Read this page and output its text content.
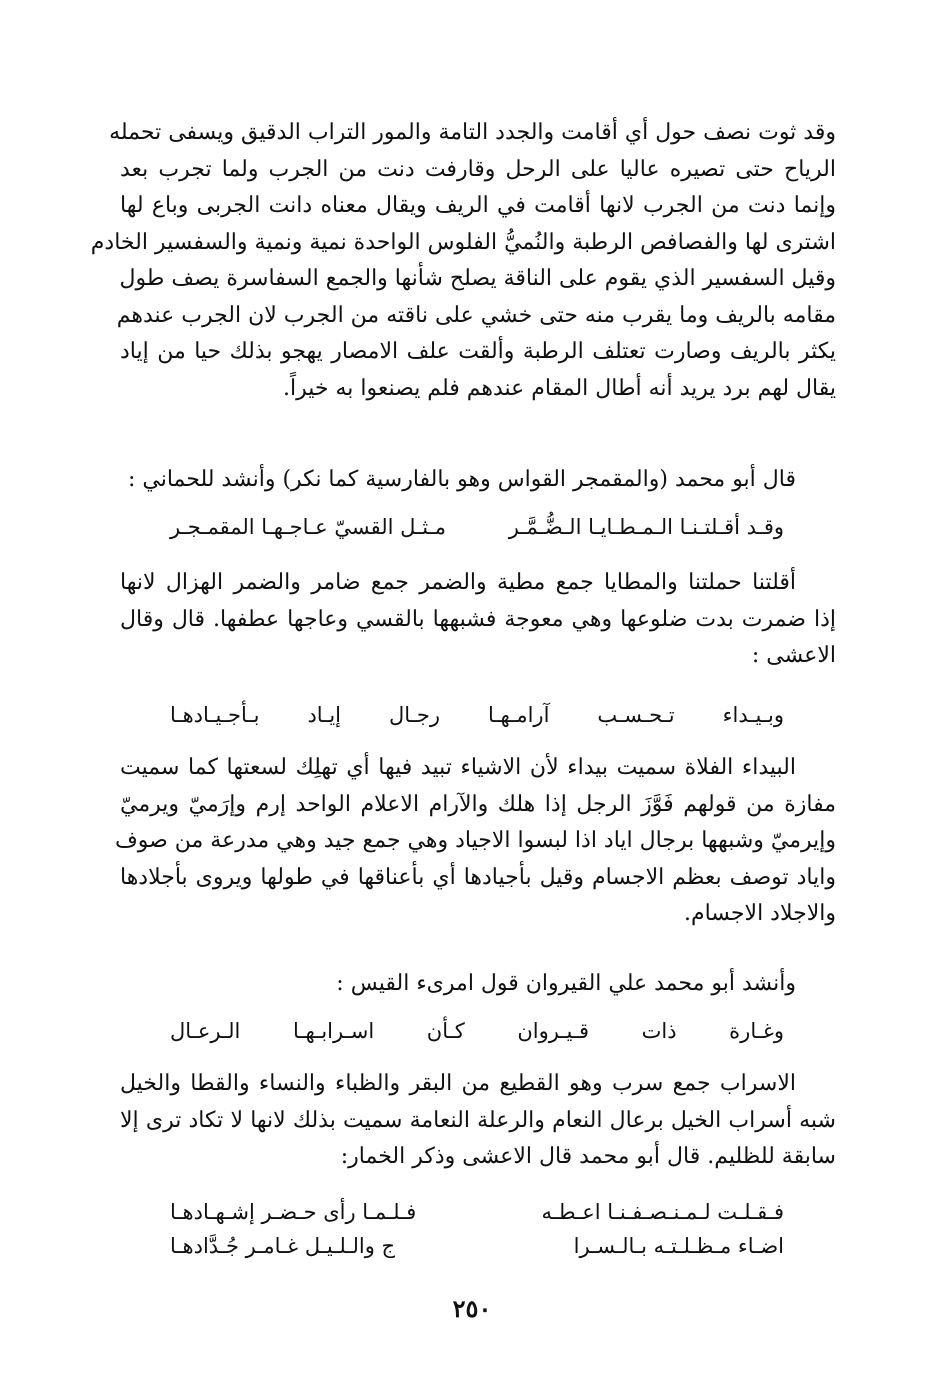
وقد ثوت نصف حول أي أقامت والجدد التامة والمور التراب الدقيق ويسفى تحمله

الرياح حتى تصيره عاليا على الرحل وقارفت دنت من الجرب ولما تجرب بعد

وإنما دنت من الجرب لانها أقامت في الريف ويقال معناه دانت الجربى وباع لها

اشترى لها والفصافص الرطبة والنُميُّ الفلوس الواحدة نمية ونمية والسفسير الخادم

وقيل السفسير الذي يقوم على الناقة يصلح شأنها والجمع السفاسرة يصف طول

مقامه بالريف وما يقرب منه حتى خشي على ناقته من الجرب لان الجرب عندهم

يكثر بالريف وصارت تعتلف الرطبة وألقت علف الامصار يهجو بذلك حيا من إياد

يقال لهم برد يريد أنه أطال المقام عندهم فلم يصنعوا به خيراً.

قال أبو محمد (والمقمجر القواس وهو بالفارسية كما نكر) وأنشد للحماني :

وقـد أقـلتـنـا الـمـطـايـا الـضُّـمَّـر
مـثـل القسيّ عـاجـهـا المقمـجـر

أقلتنا حملتنا والمطايا جمع مطية والضمر جمع ضامر والضمر الهزال لانها

إذا ضمرت بدت ضلوعها وهي معوجة فشبهها بالقسي وعاجها عطفها. قال وقال

الاعشى :

وبـيـداء
تـحـسـب
آرامـهـا
رجـال
إيـاد
بـأجـيـادهـا

البيداء الفلاة سميت بيداء لأن الاشياء تبيد فيها أي تهلِك لسعتها كما سميت

مفازة من قولهم فَوَّزَ الرجل إذا هلك والآرام الاعلام الواحد إرم وإرَميّ ويرميّ

وإيرميّ وشبهها برجال اياد اذا لبسوا الاجياد وهي جمع جيد وهي مدرعة من صوف

واياد توصف بعظم الاجسام وقيل بأجيادها أي بأعناقها في طولها ويروى بأجلادها

والاجلاد الاجسام.

وأنشد أبو محمد علي القيروان قول امرىء القيس :

وغـارة
ذات
قـيـروان
كـأن
اسـرابـهـا
الـرعـال

الاسراب جمع سرب وهو القطيع من البقر والظباء والنساء والقطا والخيل

شبه أسراب الخيل برعال النعام والرعلة النعامة سميت بذلك لانها لا تكاد ترى إلا

سابقة للظليم. قال أبو محمد قال الاعشى وذكر الخمار:

فـقـلـت لـمـنـصـفـنـا اعـطـه
فـلـمـا رأى حـضـر إشـهـادهـا
اضـاء مـظـلـتـه بـالـسـرا
ج والـلـيـل غـامـر جُـدَّادهـا
٢٥٠
